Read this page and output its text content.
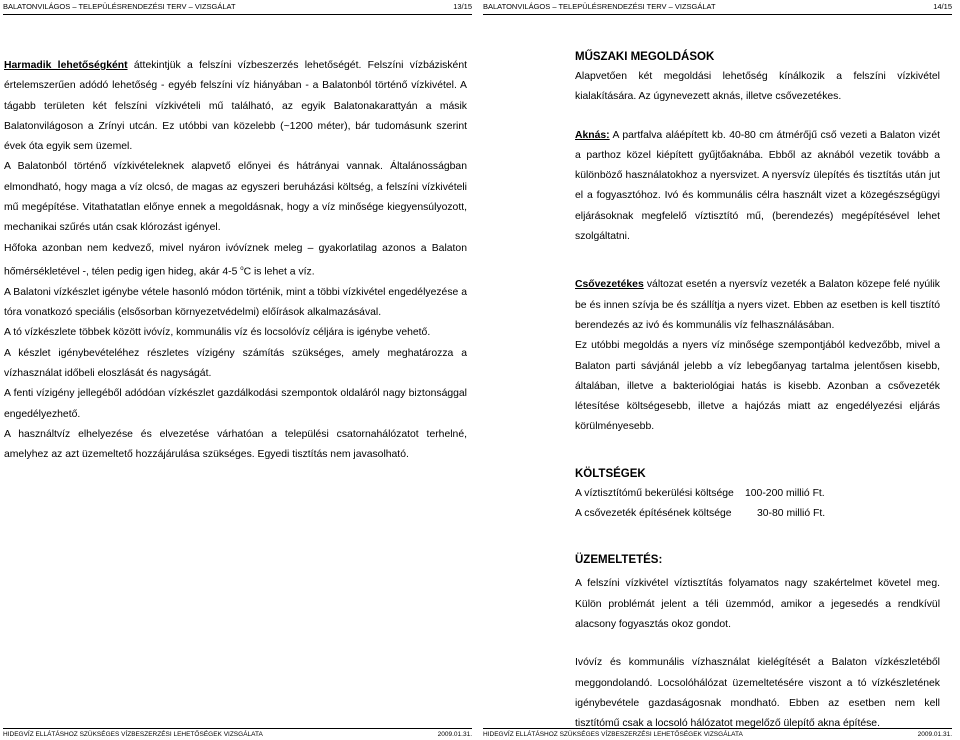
BALATONVILÁGOS – TELEPÜLÉSRENDEZÉSI TERV – VIZSGÁLAT	13/15

Harmadik lehetőségként áttekintjük a felszíni vízbeszerzés lehetőségét. Felszíni vízbázisként értelemszerűen adódó lehetőség - egyéb felszíni víz hiányában - a Balatonból történő vízkivétel. A tágabb területen két felszíni vízkivételi mű található, az egyik Balatonakarattyán a másik Balatonvilágoson a Zrínyi utcán. Ez utóbbi van közelebb (~1200 méter), bár tudomásunk szerint évek óta egyik sem üzemel.

A Balatonból történő vízkivételeknek alapvető előnyei és hátrányai vannak. Általánosságban elmondható, hogy maga a víz olcsó, de magas az egyszeri beruházási költség, a felszíni vízkivételi mű megépítése. Vitathatatlan előnye ennek a megoldásnak, hogy a víz minősége kiegyensúlyozott, mechanikai szűrés után csak klórozást igényel.

Hőfoka azonban nem kedvező, mivel nyáron ivóvíznek meleg – gyakorlatilag azonos a Balaton hőmérsékletével -, télen pedig igen hideg, akár 4-5 $^o$C is lehet a víz.

A Balatoni vízkészlet igénybe vétele hasonló módon történik, mint a többi vízkivétel engedélyezése a tóra vonatkozó speciális (elsősorban környezetvédelmi) előírások alkalmazásával.

A tó vízkészlete többek között ivóvíz, kommunális víz és locsolóvíz céljára is igénybe vehető.

A készlet igénybevételéhez részletes vízigény számítás szükséges, amely meghatározza a vízhasználat időbeli eloszlását és nagyságát.

A fenti vízigény jellegéből adódóan vízkészlet gazdálkodási szempontok oldaláról nagy biztonsággal engedélyezhető.

A használtvíz elhelyezése és elvezetése várhatóan a települési csatornahálózatot terhelné, amelyhez az azt üzemeltető hozzájárulása szükséges. Egyedi tisztítás nem javasolható.

HIDEGVÍZ ELLÁTÁSHOZ SZÜKSÉGES VÍZBESZERZÉSI LEHETŐSÉGEK VIZSGÁLATA	2009.01.31.
BALATONVILÁGOS – TELEPÜLÉSRENDEZÉSI TERV – VIZSGÁLAT	14/15
MŰSZAKI MEGOLDÁSOK

Alapvetően két megoldási lehetőség kínálkozik a felszíni vízkivétel kialakítására. Az úgynevezett aknás, illetve csővezetékes.

Aknás: A partfalva aláépített kb. 40-80 cm átmérőjű cső vezeti a Balaton vizét a parthoz közel kiépített gyűjtőaknába. Ebből az aknából vezetik tovább a különböző használatokhoz a nyersvizet. A nyersvíz ülepítés és tisztítás után jut el a fogyasztóhoz. Ivó és kommunális célra használt vizet a közegészségügyi eljárásoknak megfelelő víztisztító mű, (berendezés) megépítésével lehet szolgáltatni.

Csővezetékes változat esetén a nyersvíz vezeték a Balaton közepe felé nyúlik be és innen szívja be és szállítja a nyers vizet. Ebben az esetben is kell tisztító berendezés az ivó és kommunális víz felhasználásában.

Ez utóbbi megoldás a nyers víz minősége szempontjából kedvezőbb, mivel a Balaton parti sávjánál jelebb a víz lebegőanyag tartalma jelentősen kisebb, általában, illetve a bakteriológiai hatás is kisebb. Azonban a csővezeték létesítése költségesebb, illetve a hajózás miatt az engedélyezési eljárás körülményesebb.

KÖLTSÉGEK
A víztisztítómű bekerülési költsége	100-200 millió Ft.
A csővezeték építésének költsége	30-80 millió Ft.
ÜZEMELTETÉS:

A felszíni vízkivétel víztisztítás folyamatos nagy szakértelmet követel meg. Külön problémát jelent a téli üzemmód, amikor a jegesedés a rendkívül alacsony fogyasztás okoz gondot.

Ivóvíz és kommunális vízhasználat kielégítését a Balaton vízkészletéből meggondolandó. Locsolóhálózat üzemeltetésére viszont a tó vízkészletének igénybevétele gazdaságosnak mondható. Ebben az esetben nem kell tisztítómű csak a locsoló hálózatot megelőző ülepítő akna építése.

HIDEGVÍZ ELLÁTÁSHOZ SZÜKSÉGES VÍZBESZERZÉSI LEHETŐSÉGEK VIZSGÁLATA	2009.01.31.
